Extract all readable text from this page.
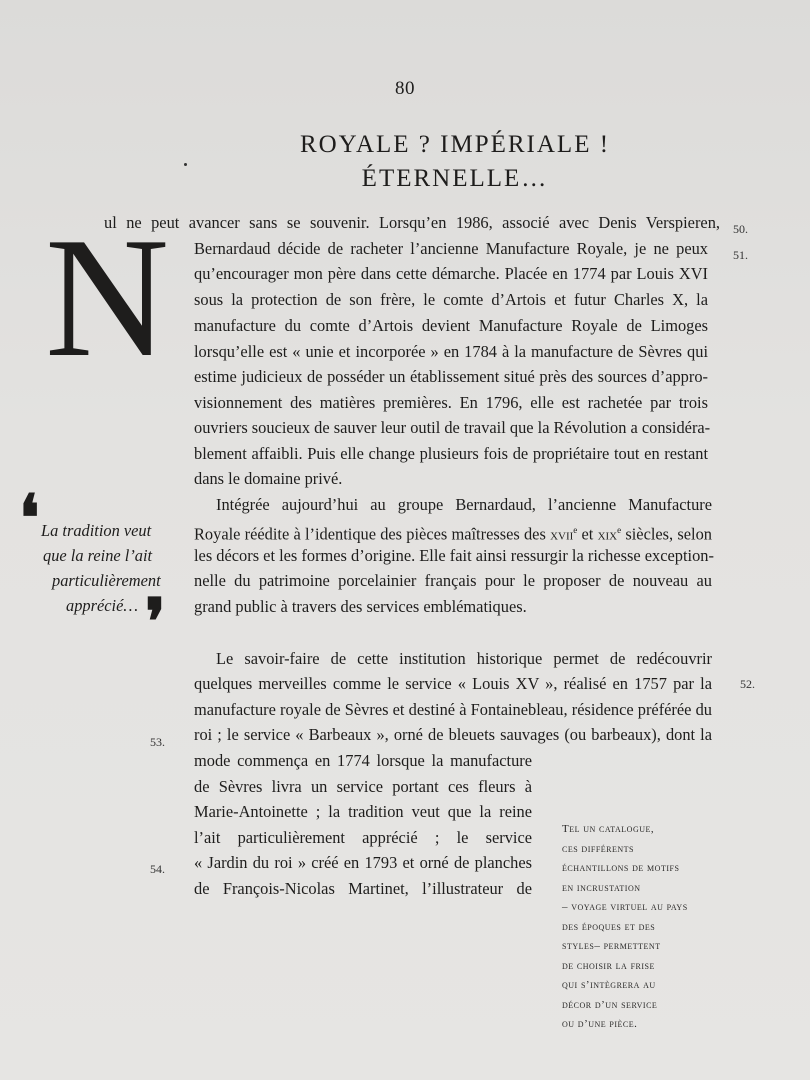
80
ROYALE ? IMPÉRIALE !
ÉTERNELLE…
N
ul ne peut avancer sans se souvenir. Lorsqu’en 1986, associé avec Denis Verspieren,
Bernardaud décide de racheter l’ancienne Manufacture Royale, je ne peux
qu’encourager mon père dans cette démarche. Placée en 1774 par Louis XVI
sous la protection de son frère, le comte d’Artois et futur Charles X, la
manufacture du comte d’Artois devient Manufacture Royale de Limoges
lorsqu’elle est « unie et incorporée » en 1784 à la manufacture de Sèvres qui
estime judicieux de posséder un établissement situé près des sources d’appro-
visionnement des matières premières. En 1796, elle est rachetée par trois
ouvriers soucieux de sauver leur outil de travail que la Révolution a considéra-
blement affaibli. Puis elle change plusieurs fois de propriétaire tout en restant
dans le domaine privé.
Intégrée aujourd’hui au groupe Bernardaud, l’ancienne Manufacture
Royale réédite à l’identique des pièces maîtresses des xvii$^e$ et xix$^e$ siècles, selon
les décors et les formes d’origine. Elle fait ainsi ressurgir la richesse exception-
nelle du patrimoine porcelainier français pour le proposer de nouveau au
grand public à travers des services emblématiques.
❛ La tradition veut
que la reine l’ait
particulièrement
apprécié… ❜
Le savoir-faire de cette institution historique permet de redécouvrir
quelques merveilles comme le service « Louis XV », réalisé en 1757 par la
manufacture royale de Sèvres et destiné à Fontainebleau, résidence préférée du
roi ; le service « Barbeaux », orné de bleuets sauvages (ou barbeaux), dont la
mode commença en 1774 lorsque la manufacture
de Sèvres livra un service portant ces fleurs à
Marie-Antoinette ; la tradition veut que la reine
l’ait particulièrement apprécié ; le service
« Jardin du roi » créé en 1793 et orné de planches
de François-Nicolas Martinet, l’illustrateur de
50.
51.
52.
53.
54.
Tel un catalogue,
ces différents
échantillons de motifs
en incrustation
– voyage virtuel au pays
des époques et des
styles– permettent
de choisir la frise
qui s’intègrera au
décor d’un service
ou d’une pièce.
